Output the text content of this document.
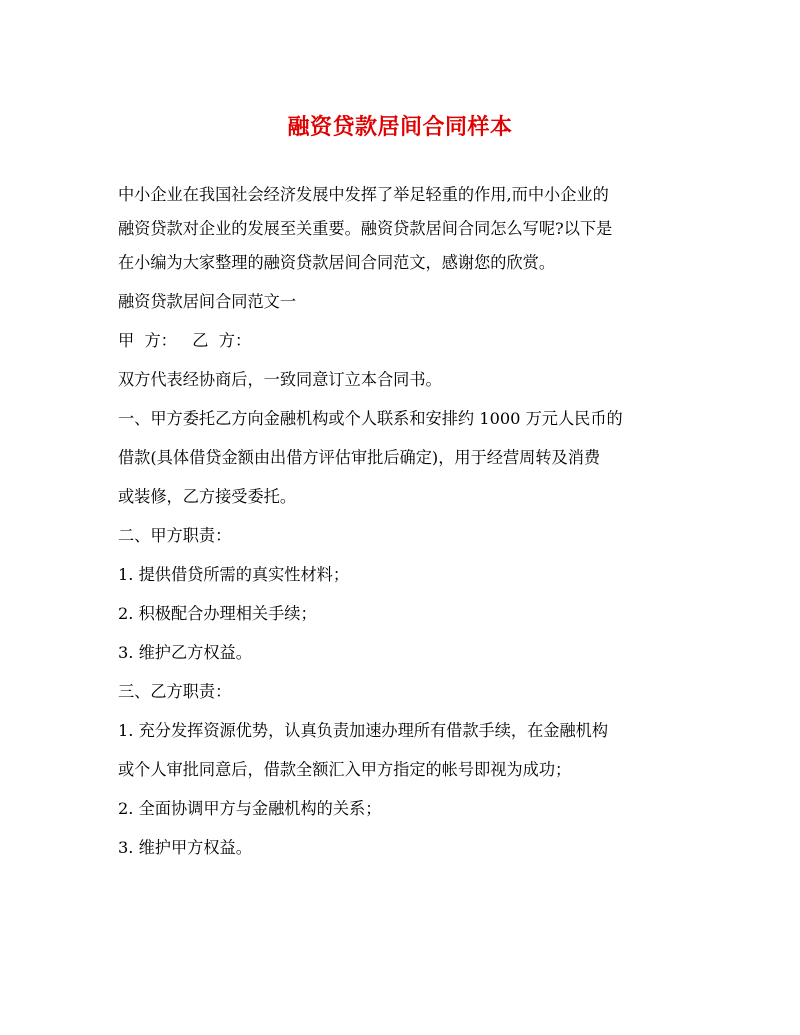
融资贷款居间合同样本

中小企业在我国社会经济发展中发挥了举足轻重的作用,而中小企业的

融资贷款对企业的发展至关重要。融资贷款居间合同怎么写呢?以下是

在小编为大家整理的融资贷款居间合同范文，感谢您的欣赏。

融资贷款居间合同范文一

甲  方：   乙  方：

双方代表经协商后，一致同意订立本合同书。

一、甲方委托乙方向金融机构或个人联系和安排约 1000 万元人民币的

借款(具体借贷金额由出借方评估审批后确定)，用于经营周转及消费

或装修，乙方接受委托。

二、甲方职责：

1. 提供借贷所需的真实性材料；

2. 积极配合办理相关手续；

3. 维护乙方权益。

三、乙方职责：

1. 充分发挥资源优势，认真负责加速办理所有借款手续，在金融机构

或个人审批同意后，借款全额汇入甲方指定的帐号即视为成功；

2. 全面协调甲方与金融机构的关系；

3. 维护甲方权益。
